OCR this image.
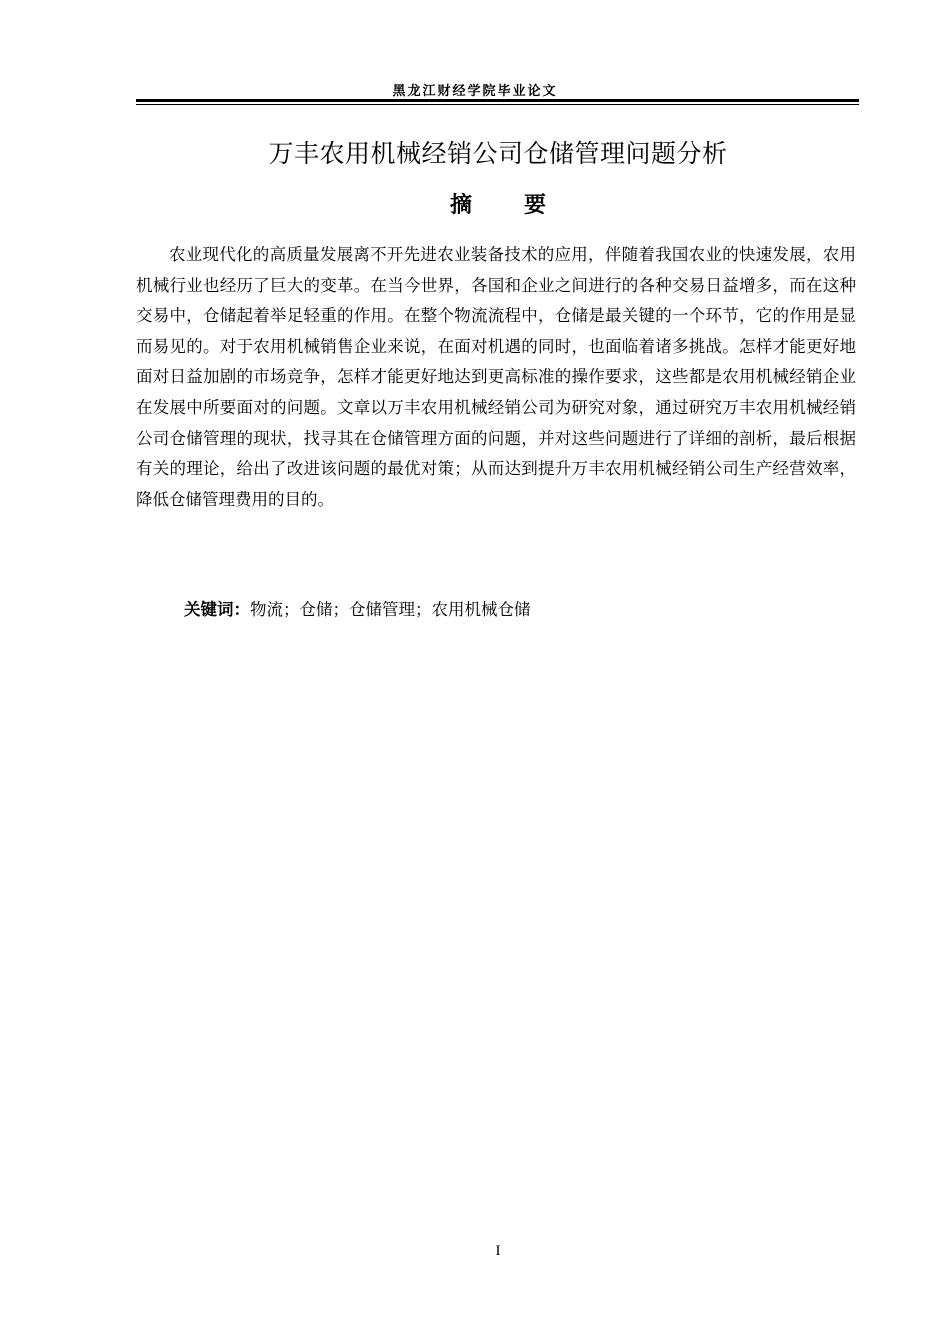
黑龙江财经学院毕业论文
万丰农用机械经销公司仓储管理问题分析
摘 要
农业现代化的高质量发展离不开先进农业装备技术的应用，伴随着我国农业的快速发展，农用机械行业也经历了巨大的变革。在当今世界，各国和企业之间进行的各种交易日益增多，而在这种交易中，仓储起着举足轻重的作用。在整个物流流程中，仓储是最关键的一个环节，它的作用是显而易见的。对于农用机械销售企业来说，在面对机遇的同时，也面临着诸多挑战。怎样才能更好地面对日益加剧的市场竞争，怎样才能更好地达到更高标准的操作要求，这些都是农用机械经销企业在发展中所要面对的问题。文章以万丰农用机械经销公司为研究对象，通过研究万丰农用机械经销公司仓储管理的现状，找寻其在仓储管理方面的问题，并对这些问题进行了详细的剖析，最后根据有关的理论，给出了改进该问题的最优对策；从而达到提升万丰农用机械经销公司生产经营效率，降低仓储管理费用的目的。
关键词：物流；仓储；仓储管理；农用机械仓储
I
